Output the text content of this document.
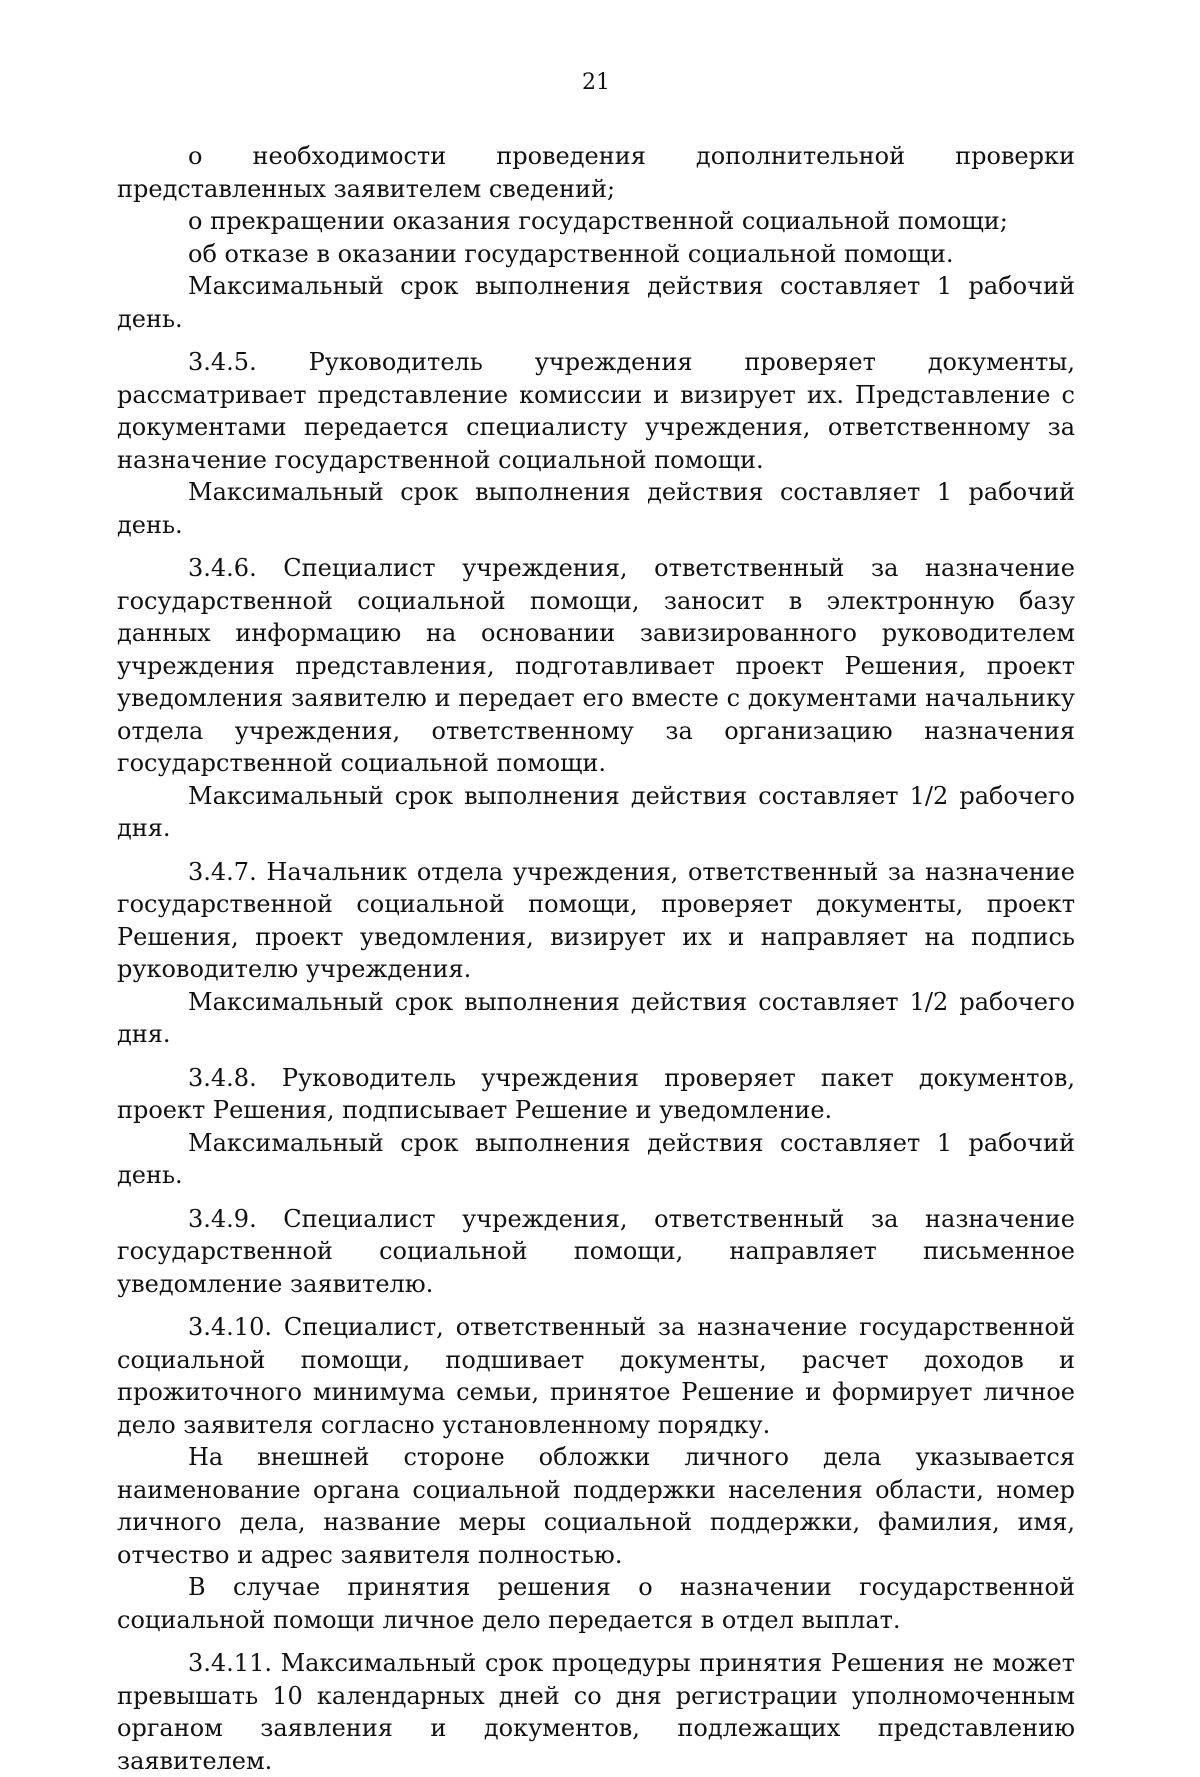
21

о необходимости проведения дополнительной проверки представленных заявителем сведений;

о прекращении оказания государственной социальной помощи;

об отказе в оказании государственной социальной помощи.

Максимальный срок выполнения действия составляет 1 рабочий день.

3.4.5. Руководитель учреждения проверяет документы, рассматривает представление комиссии и визирует их. Представление с документами передается специалисту учреждения, ответственному за назначение государственной социальной помощи.

Максимальный срок выполнения действия составляет 1 рабочий день.

3.4.6. Специалист учреждения, ответственный за назначение государственной социальной помощи, заносит в электронную базу данных информацию на основании завизированного руководителем учреждения представления, подготавливает проект Решения, проект уведомления заявителю и передает его вместе с документами начальнику отдела учреждения, ответственному за организацию назначения государственной социальной помощи.

Максимальный срок выполнения действия составляет 1/2 рабочего дня.

3.4.7. Начальник отдела учреждения, ответственный за назначение государственной социальной помощи, проверяет документы, проект Решения, проект уведомления, визирует их и направляет на подпись руководителю учреждения.

Максимальный срок выполнения действия составляет 1/2 рабочего дня.

3.4.8. Руководитель учреждения проверяет пакет документов, проект Решения, подписывает Решение и уведомление.

Максимальный срок выполнения действия составляет 1 рабочий день.

3.4.9. Специалист учреждения, ответственный за назначение государственной социальной помощи, направляет письменное уведомление заявителю.

3.4.10. Специалист, ответственный за назначение государственной социальной помощи, подшивает документы, расчет доходов и прожиточного минимума семьи, принятое Решение и формирует личное дело заявителя согласно установленному порядку.

На внешней стороне обложки личного дела указывается наименование органа социальной поддержки населения области, номер личного дела, название меры социальной поддержки, фамилия, имя, отчество и адрес заявителя полностью.

В случае принятия решения о назначении государственной социальной помощи личное дело передается в отдел выплат.

3.4.11. Максимальный срок процедуры принятия Решения не может превышать 10 календарных дней со дня регистрации уполномоченным органом заявления и документов, подлежащих представлению заявителем.
